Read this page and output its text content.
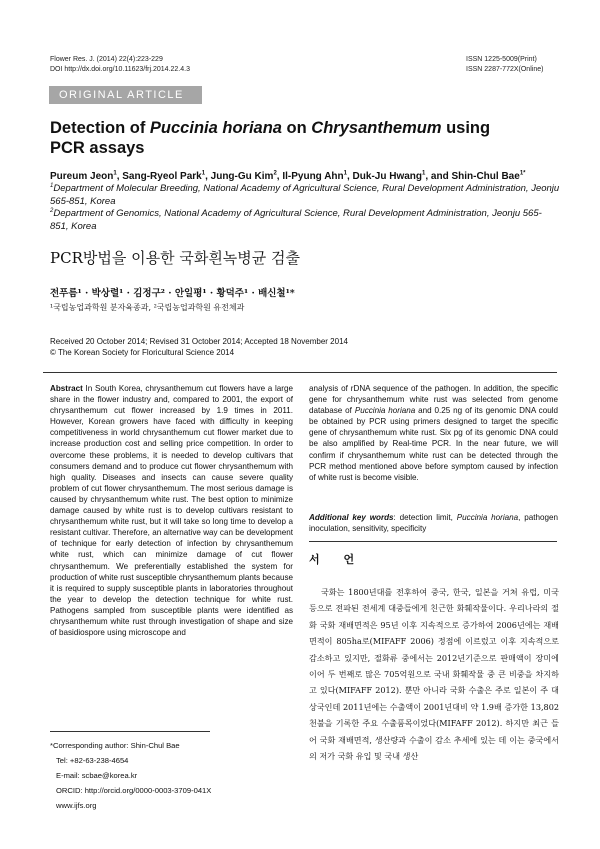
Flower Res. J. (2014) 22(4):223-229
DOI http://dx.doi.org/10.11623/frj.2014.22.4.3
ISSN 1225-5009(Print)
ISSN 2287-772X(Online)
ORIGINAL ARTICLE
Detection of Puccinia horiana on Chrysanthemum using PCR assays
Pureum Jeon$^1$, Sang-Ryeol Park$^1$, Jung-Gu Kim$^2$, Il-Pyung Ahn$^1$, Duk-Ju Hwang$^1$, and Shin-Chul Bae$^{1*}$
$^1$Department of Molecular Breeding, National Academy of Agricultural Science, Rural Development Administration, Jeonju 565-851, Korea
$^2$Department of Genomics, National Academy of Agricultural Science, Rural Development Administration, Jeonju 565-851, Korea
PCR방법을 이용한 국화흰녹병균 검출
전푸름¹ · 박상렬¹ · 김정구² · 안일평¹ · 황덕주¹ · 배신철¹*
¹국립농업과학원 분자육종과, ²국립농업과학원 유전체과
Received 20 October 2014; Revised 31 October 2014; Accepted 18 November 2014
© The Korean Society for Floricultural Science 2014
Abstract In South Korea, chrysanthemum cut flowers have a large share in the flower industry and, compared to 2001, the export of chrysanthemum cut flower increased by 1.9 times in 2011. However, Korean growers have faced with difficulty in keeping competitiveness in world chrysanthemum cut flower market due to increase production cost and selling price competition. In order to overcome these problems, it is needed to develop cultivars that consumers demand and to produce cut flower chrysanthemum with high quality. Diseases and insects can cause severe quality problem of cut flower chrysanthemum. The most serious damage is caused by chrysanthemum white rust. The best option to minimize damage caused by white rust is to develop cultivars resistant to chrysanthemum white rust, but it will take so long time to develop a resistant cultivar. Therefore, an alternative way can be development of technique for early detection of infection by chrysanthemum white rust, which can minimize damage of cut flower chrysanthemum. We preferentially established the system for production of white rust susceptible chrysanthemum plants because it is required to supply susceptible plants in laboratories throughout the year to develop the detection technique for white rust. Pathogens sampled from susceptible plants were identified as chrysanthemum white rust through investigation of shape and size of basidiospore using microscope and
analysis of rDNA sequence of the pathogen. In addition, the specific gene for chrysanthemum white rust was selected from genome database of Puccinia horiana and 0.25 ng of its genomic DNA could be obtained by PCR using primers designed to target the specific gene of chrysanthemum white rust. Six pg of its genomic DNA could be also amplified by Real-time PCR. In the near future, we will confirm if chrysanthemum white rust can be detected through the PCR method mentioned above before symptom caused by infection of white rust is become visible.
Additional key words: detection limit, Puccinia horiana, pathogen inoculation, sensitivity, specificity
서 언
국화는 1800년대를 전후하여 중국, 한국, 일본을 거쳐 유럽, 미국 등으로 전파된 전세계 대중들에게 친근한 화훼작물이다. 우리나라의 절화 국화 재배면적은 95년 이후 지속적으로 증가하여 2006년에는 재배면적이 805ha로(MIFAFF 2006) 정점에 이르렀고 이후 지속적으로 감소하고 있지만, 절화류 중에서는 2012년기준으로 판매액이 장미에 이어 두 번째로 많은 705억원으로 국내 화훼작물 중 큰 비중을 차지하고 있다(MIFAFF 2012). 뿐만 아니라 국화 수출은 주로 일본이 주 대상국인데 2011년에는 수출액이 2001년대비 약 1.9배 증가한 13,802천불을 기록한 주요 수출품목이었다(MIFAFF 2012). 하지만 최근 들어 국화 재배면적, 생산량과 수출이 감소 추세에 있는 데 이는 중국에서의 저가 국화 유입 및 국내 생산
*Corresponding author: Shin-Chul Bae
Tel: +82-63-238-4654
E-mail: scbae@korea.kr
ORCID: http://orcid.org/0000-0003-3709-041X
www.ijfs.org
